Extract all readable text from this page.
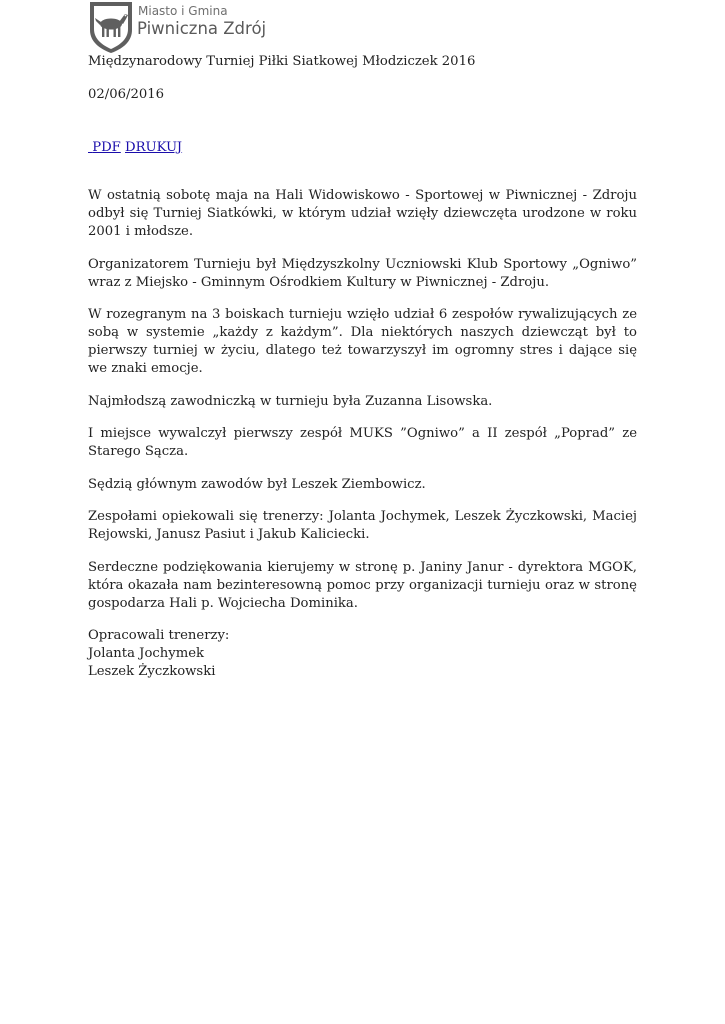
Miasto i Gmina
Piwniczna Zdrój
Międzynarodowy Turniej Piłki Siatkowej Młodziczek 2016
02/06/2016
PDF DRUKUJ

W ostatnią sobotę maja na Hali Widowiskowo - Sportowej w Piwnicznej - Zdroju odbył się Turniej Siatkówki, w którym udział wzięły dziewczęta urodzone w roku 2001 i młodsze.

Organizatorem Turnieju był Międzyszkolny Uczniowski Klub Sportowy „Ogniwo” wraz z Miejsko - Gminnym Ośrodkiem Kultury w Piwnicznej - Zdroju.

W rozegranym na 3 boiskach turnieju wzięło udział 6 zespołów rywalizujących ze sobą w systemie „każdy z każdym”. Dla niektórych naszych dziewcząt był to pierwszy turniej w życiu, dlatego też towarzyszył im ogromny stres i dające się we znaki emocje.

Najmłodszą zawodniczką w turnieju była Zuzanna Lisowska.

I miejsce wywalczył pierwszy zespół MUKS ”Ogniwo” a II zespół „Poprad” ze Starego Sącza.

Sędzią głównym zawodów był Leszek Ziembowicz.

Zespołami opiekowali się trenerzy: Jolanta Jochymek, Leszek Życzkowski, Maciej Rejowski, Janusz Pasiut i Jakub Kaliciecki.

Serdeczne podziękowania kierujemy w stronę p. Janiny Janur - dyrektora MGOK, która okazała nam bezinteresowną pomoc przy organizacji turnieju oraz w stronę gospodarza Hali p. Wojciecha Dominika.

Opracowali trenerzy:
Jolanta Jochymek
Leszek Życzkowski
